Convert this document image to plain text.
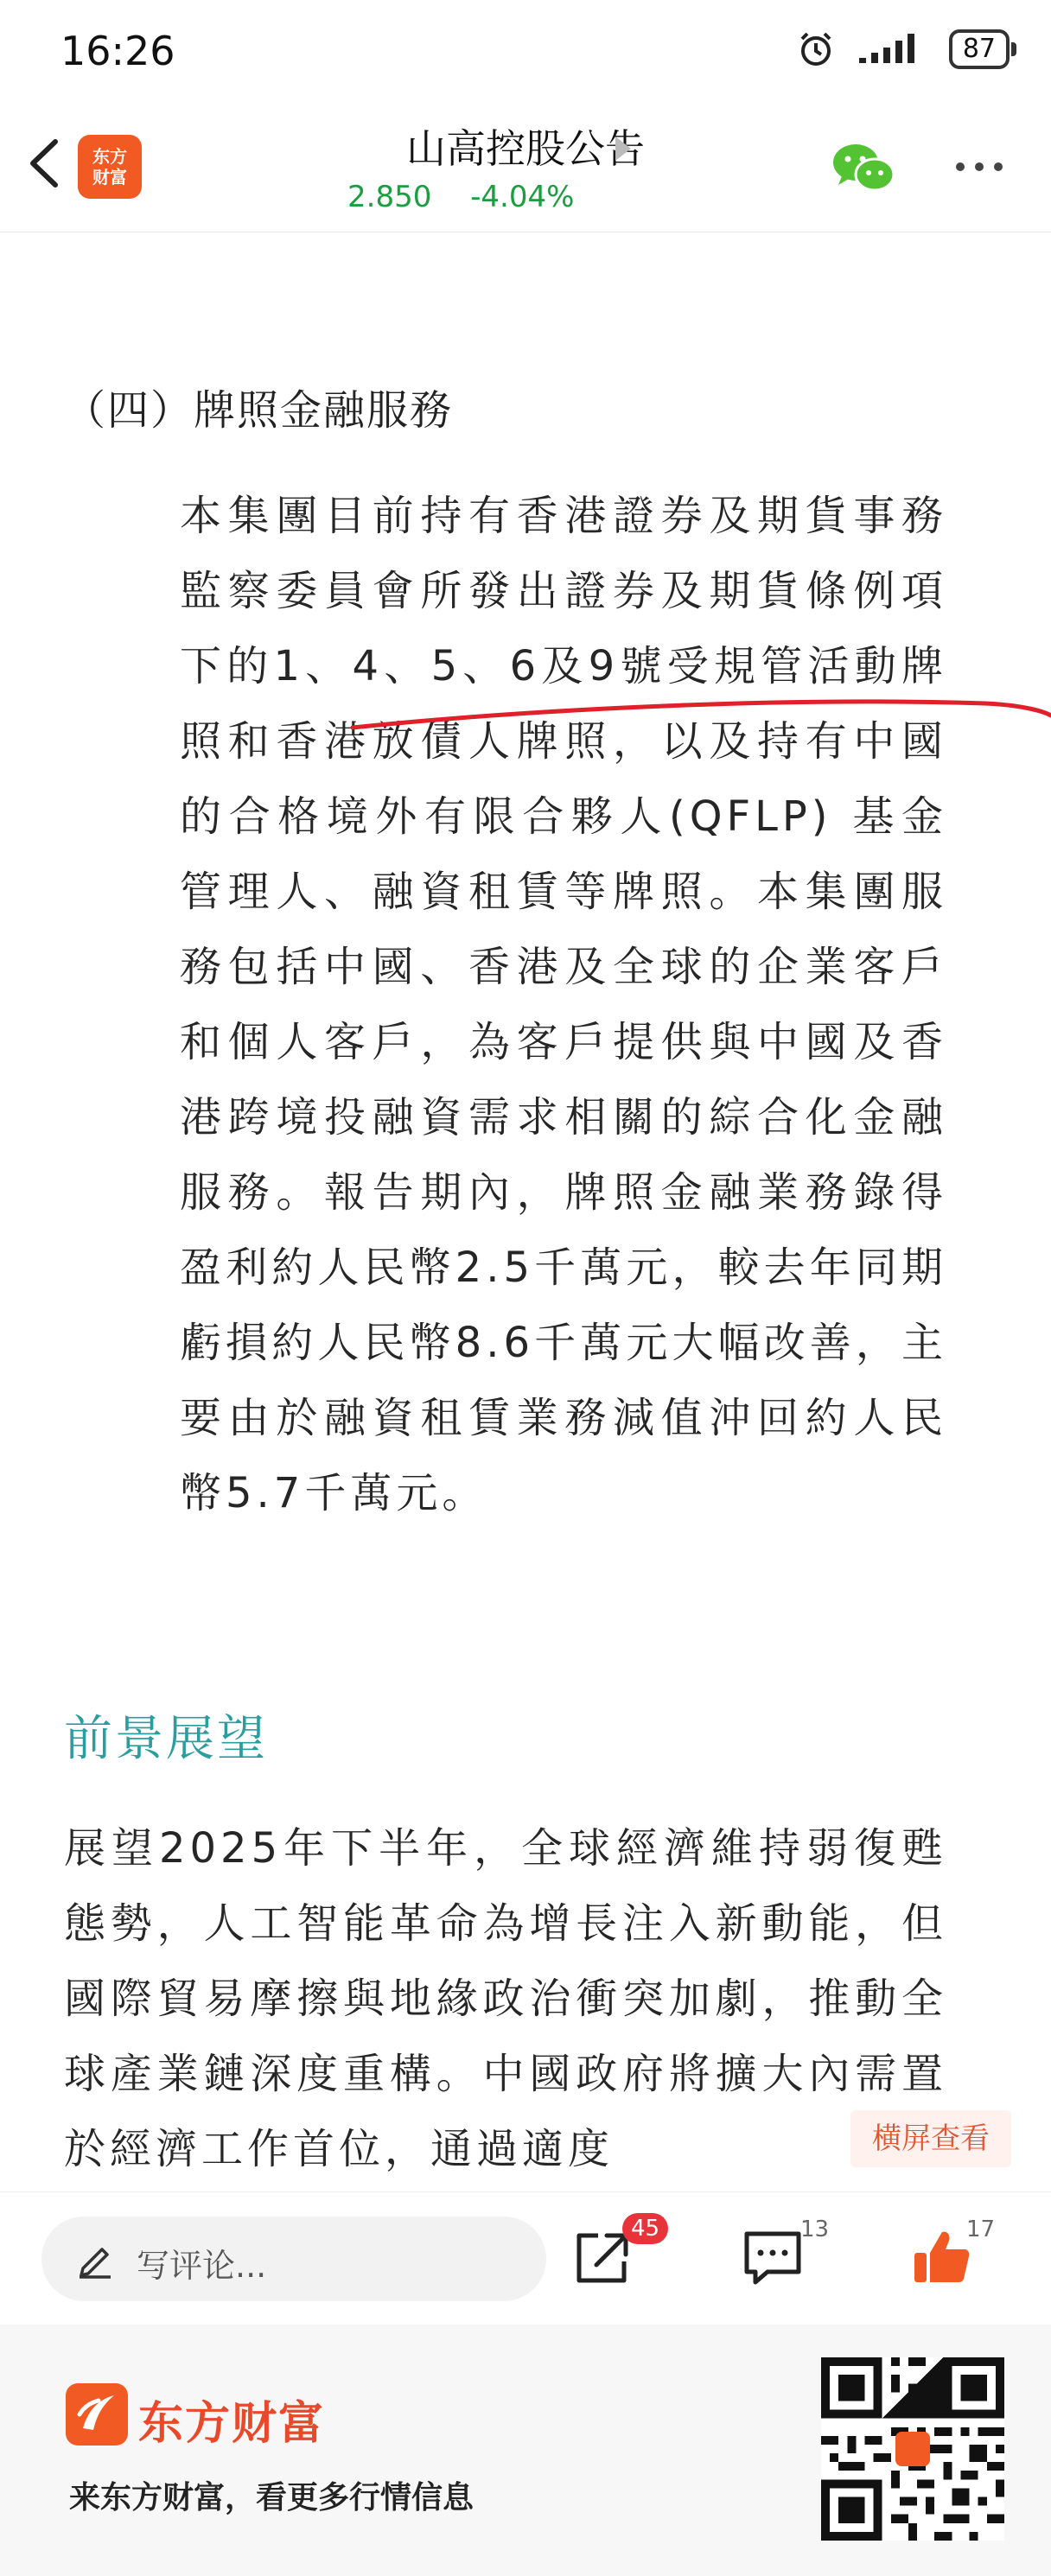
16:26	87
东方
财富
山高控股公告
2.850 -4.04%
（四）牌照金融服務
本集團目前持有香港證券及期貨事務監察委員會所發出證券及期貨條例項下的1、4、5、6及9號受規管活動牌照和香港放債人牌照，以及持有中國的合格境外有限合夥人(QFLP) 基金管理人、融資租賃等牌照。本集團服務包括中國、香港及全球的企業客戶和個人客戶，為客戶提供與中國及香港跨境投融資需求相關的綜合化金融服務。報告期內，牌照金融業務錄得盈利約人民幣2.5千萬元，較去年同期虧損約人民幣8.6千萬元大幅改善，主要由於融資租賃業務減值沖回約人民幣5.7千萬元。
前景展望
展望2025年下半年，全球經濟維持弱復甦態勢，人工智能革命為增長注入新動能，但國際貿易摩擦與地緣政治衝突加劇，推動全球產業鏈深度重構。中國政府將擴大內需置於經濟工作首位，通過適度	横屏查看
写评论...
45	13	17
东方财富
来东方财富，看更多行情信息
